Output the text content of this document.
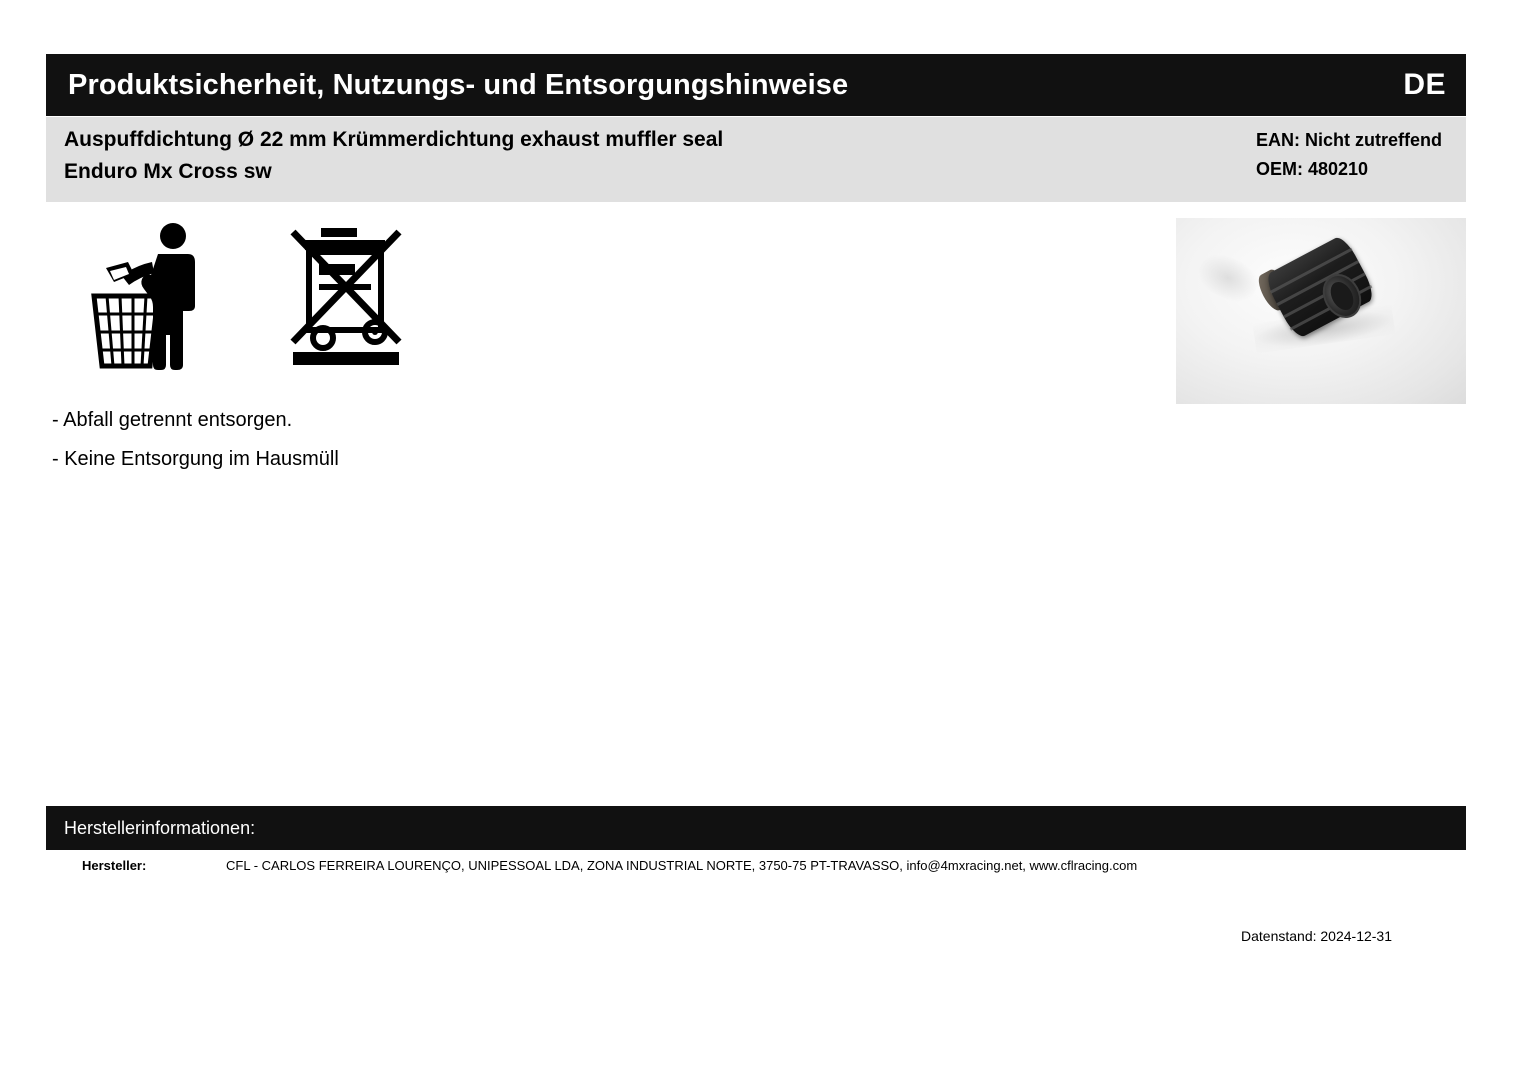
Produktsicherheit, Nutzungs- und Entsorgungshinweise	DE
Auspuffdichtung Ø 22 mm Krümmerdichtung exhaust muffler seal
Enduro Mx Cross sw
EAN: Nicht zutreffend
OEM: 480210
- Abfall getrennt entsorgen.
- Keine Entsorgung im Hausmüll
Herstellerinformationen:
Hersteller:	CFL - CARLOS FERREIRA LOURENÇO, UNIPESSOAL LDA, ZONA INDUSTRIAL NORTE, 3750-75 PT-TRAVASSO, info@4mxracing.net, www.cflracing.com
Datenstand: 2024-12-31
